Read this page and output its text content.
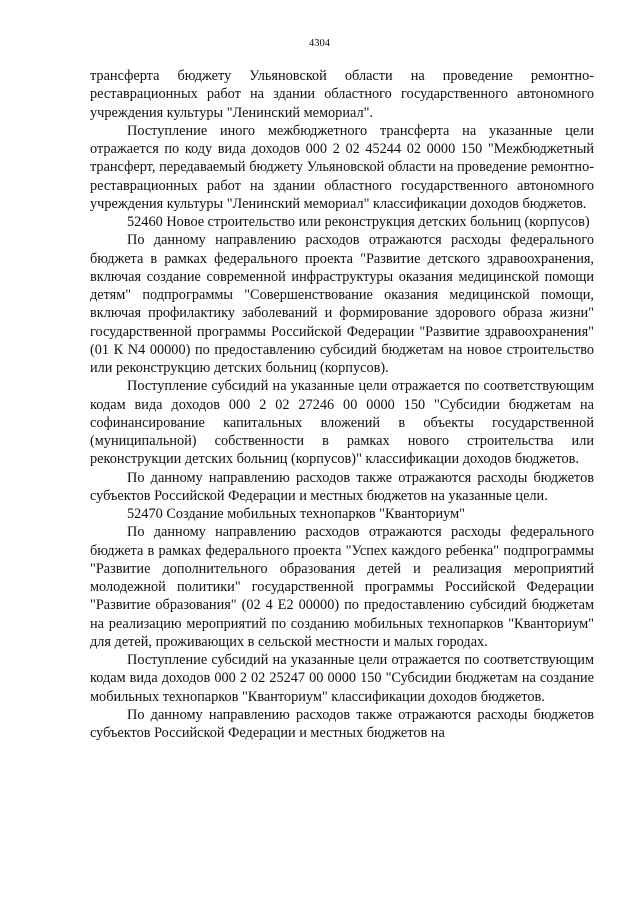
4304

трансферта бюджету Ульяновской области на проведение ремонтно-реставрационных работ на здании областного государственного автономного учреждения культуры "Ленинский мемориал".

Поступление иного межбюджетного трансферта на указанные цели отражается по коду вида доходов 000 2 02 45244 02 0000 150 "Межбюджетный трансферт, передаваемый бюджету Ульяновской области на проведение ремонтно-реставрационных работ на здании областного государственного автономного учреждения культуры "Ленинский мемориал" классификации доходов бюджетов.

52460 Новое строительство или реконструкция детских больниц (корпусов)

По данному направлению расходов отражаются расходы федерального бюджета в рамках федерального проекта "Развитие детского здравоохранения, включая создание современной инфраструктуры оказания медицинской помощи детям" подпрограммы "Совершенствование оказания медицинской помощи, включая профилактику заболеваний и формирование здорового образа жизни" государственной программы Российской Федерации "Развитие здравоохранения" (01 К N4 00000) по предоставлению субсидий бюджетам на новое строительство или реконструкцию детских больниц (корпусов).

Поступление субсидий на указанные цели отражается по соответствующим кодам вида доходов 000 2 02 27246 00 0000 150 "Субсидии бюджетам на софинансирование капитальных вложений в объекты государственной (муниципальной) собственности в рамках нового строительства или реконструкции детских больниц (корпусов)" классификации доходов бюджетов.

По данному направлению расходов также отражаются расходы бюджетов субъектов Российской Федерации и местных бюджетов на указанные цели.

52470 Создание мобильных технопарков "Кванториум"

По данному направлению расходов отражаются расходы федерального бюджета в рамках федерального проекта "Успех каждого ребенка" подпрограммы "Развитие дополнительного образования детей и реализация мероприятий молодежной политики" государственной программы Российской Федерации "Развитие образования" (02 4 E2 00000) по предоставлению субсидий бюджетам на реализацию мероприятий по созданию мобильных технопарков "Кванториум" для детей, проживающих в сельской местности и малых городах.

Поступление субсидий на указанные цели отражается по соответствующим кодам вида доходов 000 2 02 25247 00 0000 150 "Субсидии бюджетам на создание мобильных технопарков "Кванториум" классификации доходов бюджетов.

По данному направлению расходов также отражаются расходы бюджетов субъектов Российской Федерации и местных бюджетов на
